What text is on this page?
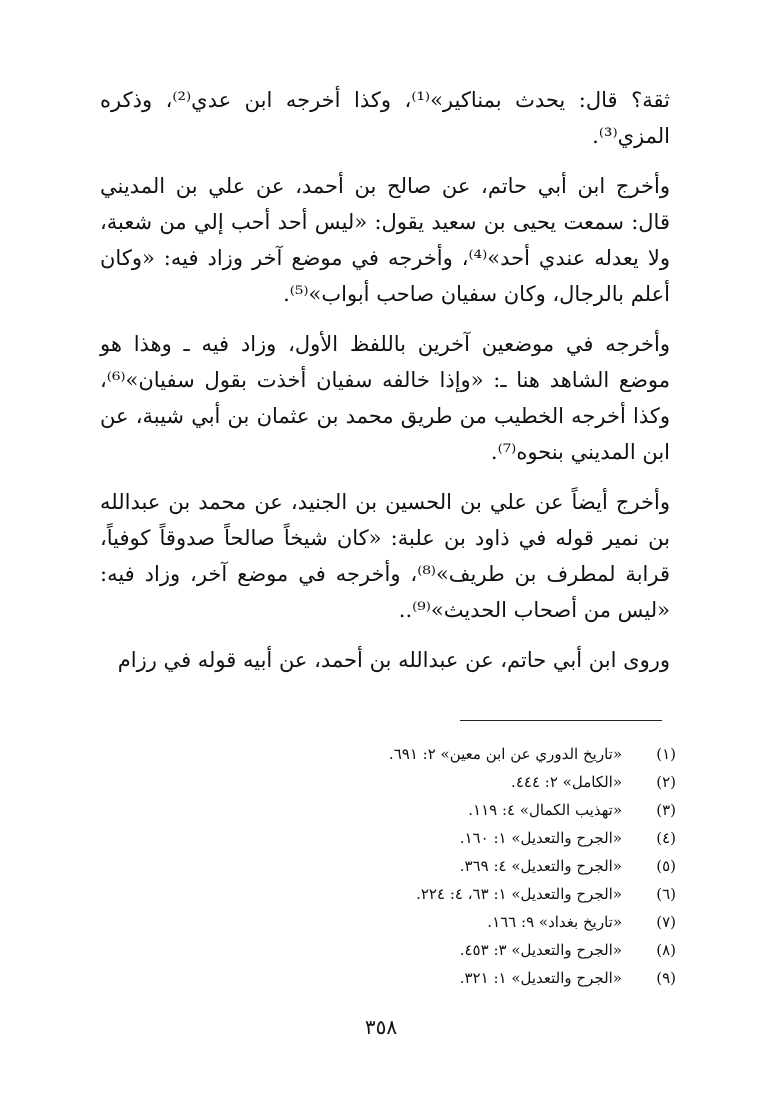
ثقة؟ قال: يحدث بمناكير»⁽¹⁾، وكذا أخرجه ابن عدي⁽²⁾، وذكره المزي⁽³⁾.

وأخرج ابن أبي حاتم، عن صالح بن أحمد، عن علي بن المديني قال: سمعت يحيى بن سعيد يقول: «ليس أحد أحب إلي من شعبة، ولا يعدله عندي أحد»⁽⁴⁾، وأخرجه في موضع آخر وزاد فيه: «وكان أعلم بالرجال، وكان سفيان صاحب أبواب»⁽⁵⁾.

وأخرجه في موضعين آخرين باللفظ الأول، وزاد فيه ـ وهذا هو موضع الشاهد هنا ـ: «وإذا خالفه سفيان أخذت بقول سفيان»⁽⁶⁾، وكذا أخرجه الخطيب من طريق محمد بن عثمان بن أبي شيبة، عن ابن المديني بنحوه⁽⁷⁾.

وأخرج أيضاً عن علي بن الحسين بن الجنيد، عن محمد بن عبدالله بن نمير قوله في ذاود بن علبة: «كان شيخاً صالحاً صدوقاً كوفياً، قرابة لمطرف بن طريف»⁽⁸⁾، وأخرجه في موضع آخر، وزاد فيه: «ليس من أصحاب الحديث»⁽⁹⁾..

وروى ابن أبي حاتم، عن عبدالله بن أحمد، عن أبيه قوله في رزام

(١)
«تاريخ الدوري عن ابن معين» ٢: ٦٩١.
(٢)
«الكامل» ٢: ٤٤٤.
(٣)
«تهذيب الكمال» ٤: ١١٩.
(٤)
«الجرح والتعديل» ١: ١٦٠.
(٥)
«الجرح والتعديل» ٤: ٣٦٩.
(٦)
«الجرح والتعديل» ١: ٦٣، ٤: ٢٢٤.
(٧)
«تاريخ بغداد» ٩: ١٦٦.
(٨)
«الجرح والتعديل» ٣: ٤٥٣.
(٩)
«الجرح والتعديل» ١: ٣٢١.
٣٥٨
